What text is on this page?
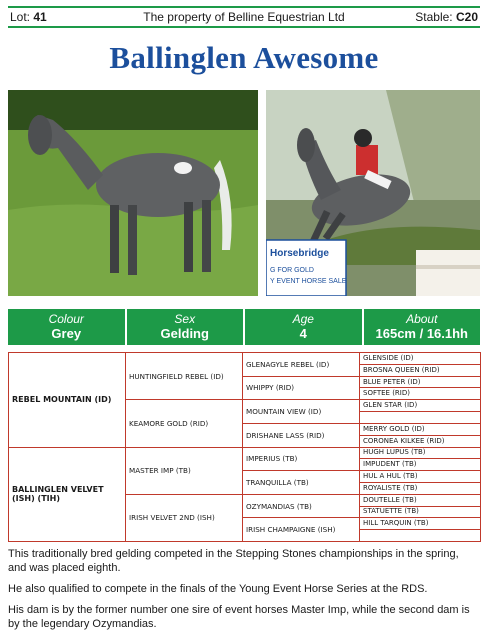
Lot: 41	The property of Belline Equestrian Ltd	Stable: C20
Ballinglen Awesome
Horsebridge
G FOR GOLD
Y EVENT HORSE SALE
Colour
Grey
Sex
Gelding
Age
4
About
165cm / 16.1hh
REBEL MOUNTAIN (ID)	HUNTINGFIELD REBEL (ID)	GLENAGYLE REBEL (ID)	GLENSIDE (ID)
			BROSNA QUEEN (RID)
		WHIPPY (RID)	BLUE PETER (ID)
			SOFTEE (RID)
	KEAMORE GOLD (RID)	MOUNTAIN VIEW (ID)	GLEN STAR (ID)

		DRISHANE LASS (RID)	MERRY GOLD (ID)
			CORONEA KILKEE (RID)
BALLINGLEN VELVET (ISH) (TIH)	MASTER IMP (TB)	IMPERIUS (TB)	HUGH LUPUS (TB)
			IMPUDENT (TB)
		TRANQUILLA (TB)	HUL A HUL (TB)
			ROYALISTE (TB)
	IRISH VELVET 2ND (ISH)	OZYMANDIAS (TB)	DOUTELLE (TB)
			STATUETTE (TB)
		IRISH CHAMPAIGNE (ISH)	HILL TARQUIN (TB)

This traditionally bred gelding competed in the Stepping Stones championships in the spring, and was placed eighth.

He also qualified to compete in the finals of the Young Event Horse Series at the RDS.

His dam is by the former number one sire of event horses Master Imp, while the second dam is by the legendary Ozymandias.
